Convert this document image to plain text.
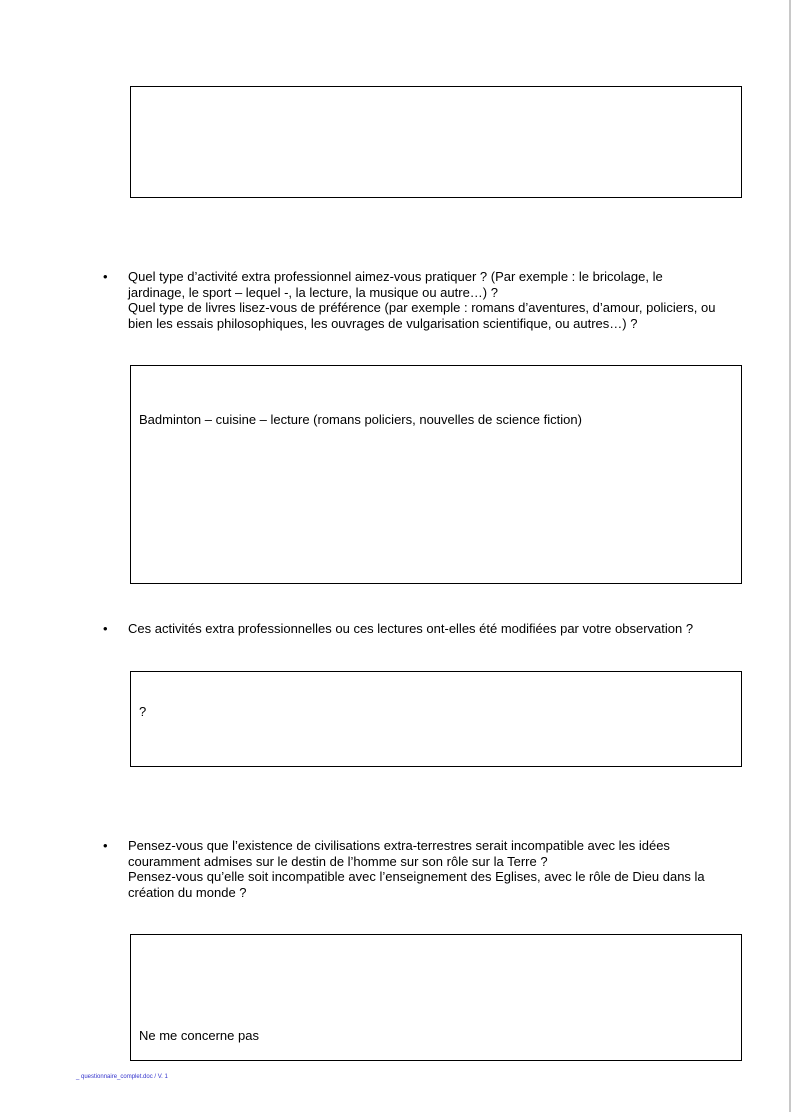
• Quel type d’activité extra professionnel aimez-vous pratiquer ? (Par exemple : le bricolage, le
jardinage, le sport – lequel -, la lecture, la musique ou autre…) ?
Quel type de livres lisez-vous de préférence (par exemple : romans d’aventures, d’amour, policiers, ou
bien les essais philosophiques, les ouvrages de vulgarisation scientifique, ou autres…) ?
Badminton – cuisine – lecture (romans policiers, nouvelles de science fiction)
• Ces activités extra professionnelles ou ces lectures ont-elles été modifiées par votre observation ?
?
• Pensez-vous que l’existence de civilisations extra-terrestres serait incompatible avec les idées
couramment admises sur le destin de l’homme sur son rôle sur la Terre ?
Pensez-vous qu’elle soit incompatible avec l’enseignement des Eglises, avec le rôle de Dieu dans la
création du monde ?
Ne me concerne pas
_ questionnaire_complet.doc / V. 1
